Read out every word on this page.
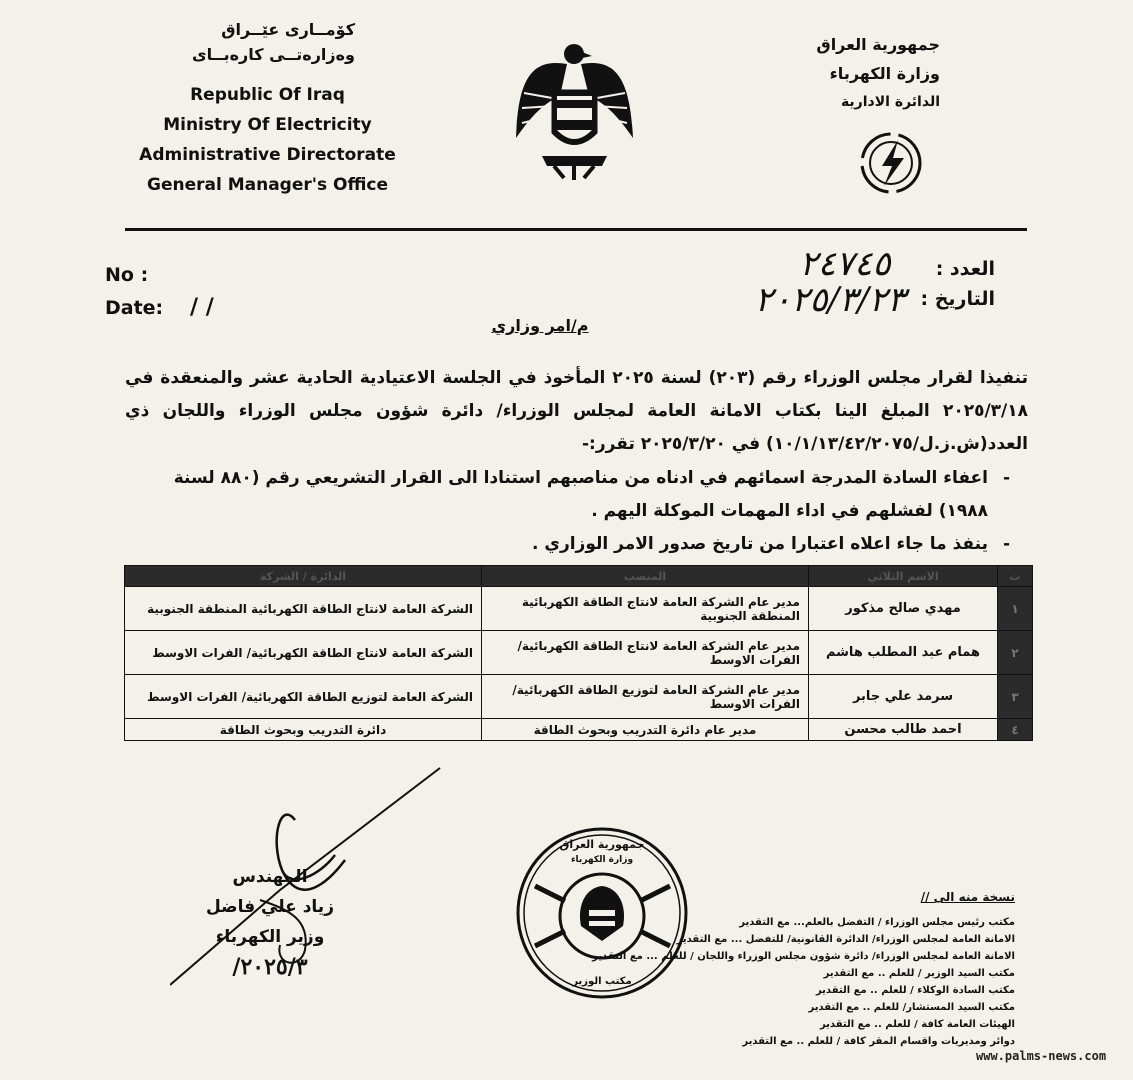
كۆمــارى عێــراق
وەزارەتــى كارەبــاى
Republic Of Iraq
Ministry Of Electricity
Administrative Directorate
General Manager's Office
جمهورية العراق
وزارة الكهرباء
الدائرة الادارية
No :
Date: / /
العدد :
٢٤٧٤٥
التاريخ :
٢٠٢٥/٣/٢٣
م/امر وزاري
تنفيذا لقرار مجلس الوزراء رقم (٢٠٣) لسنة ٢٠٢٥ المأخوذ في الجلسة الاعتيادية الحادية عشر والمنعقدة في ٢٠٢٥/٣/١٨ المبلغ الينا بكتاب الامانة العامة لمجلس الوزراء/ دائرة شؤون مجلس الوزراء واللجان ذي العدد(ش.ز.ل/١٠/١/١٣/٤٢/٢٠٧٥) في ٢٠٢٥/٣/٢٠ تقرر:-
-
اعفاء السادة المدرجة اسمائهم في ادناه من مناصبهم استنادا الى القرار التشريعي رقم (٨٨٠ لسنة ١٩٨٨) لفشلهم في اداء المهمات الموكلة اليهم .
-
ينفذ ما جاء اعلاه اعتبارا من تاريخ صدور الامر الوزاري .
ت	الاسم الثلاثي	المنصب	الدائرة / الشركة
١	مهدي صالح مذكور	مدير عام الشركة العامة لانتاج الطاقة الكهربائية المنطقة الجنوبية	الشركة العامة لانتاج الطاقة الكهربائية المنطقة الجنوبية
٢	همام عبد المطلب هاشم	مدير عام الشركة العامة لانتاج الطاقة الكهربائية/ الفرات الاوسط	الشركة العامة لانتاج الطاقة الكهربائية/ الفرات الاوسط
٣	سرمد علي جابر	مدير عام الشركة العامة لتوزيع الطاقة الكهربائية/ الفرات الاوسط	الشركة العامة لتوزيع الطاقة الكهربائية/ الفرات الاوسط
٤	احمد طالب محسن	مدير عام دائرة التدريب وبحوث الطاقة	دائرة التدريب وبحوث الطاقة
المهندس
زياد علي فاضل
وزير الكهرباء
٢٠٢٥/٣/
جمهورية العراق
وزارة الكهرباء
مكتب الوزير
نسخة منه الى //
مكتب رئيس مجلس الوزراء / التفضل بالعلم... مع التقدير
الامانة العامة لمجلس الوزراء/ الدائرة القانونية/ للتفضل ... مع التقدير
الامانة العامة لمجلس الوزراء/ دائرة شؤون مجلس الوزراء واللجان / للعلم ... مع التقدير
مكتب السيد الوزير / للعلم .. مع التقدير
مكتب السادة الوكلاء / للعلم .. مع التقدير
مكتب السيد المستشار/ للعلم .. مع التقدير
الهيئات العامة كافة / للعلم .. مع التقدير
دوائر ومديريات واقسام المقر كافة / للعلم .. مع التقدير
www.palms-news.com
